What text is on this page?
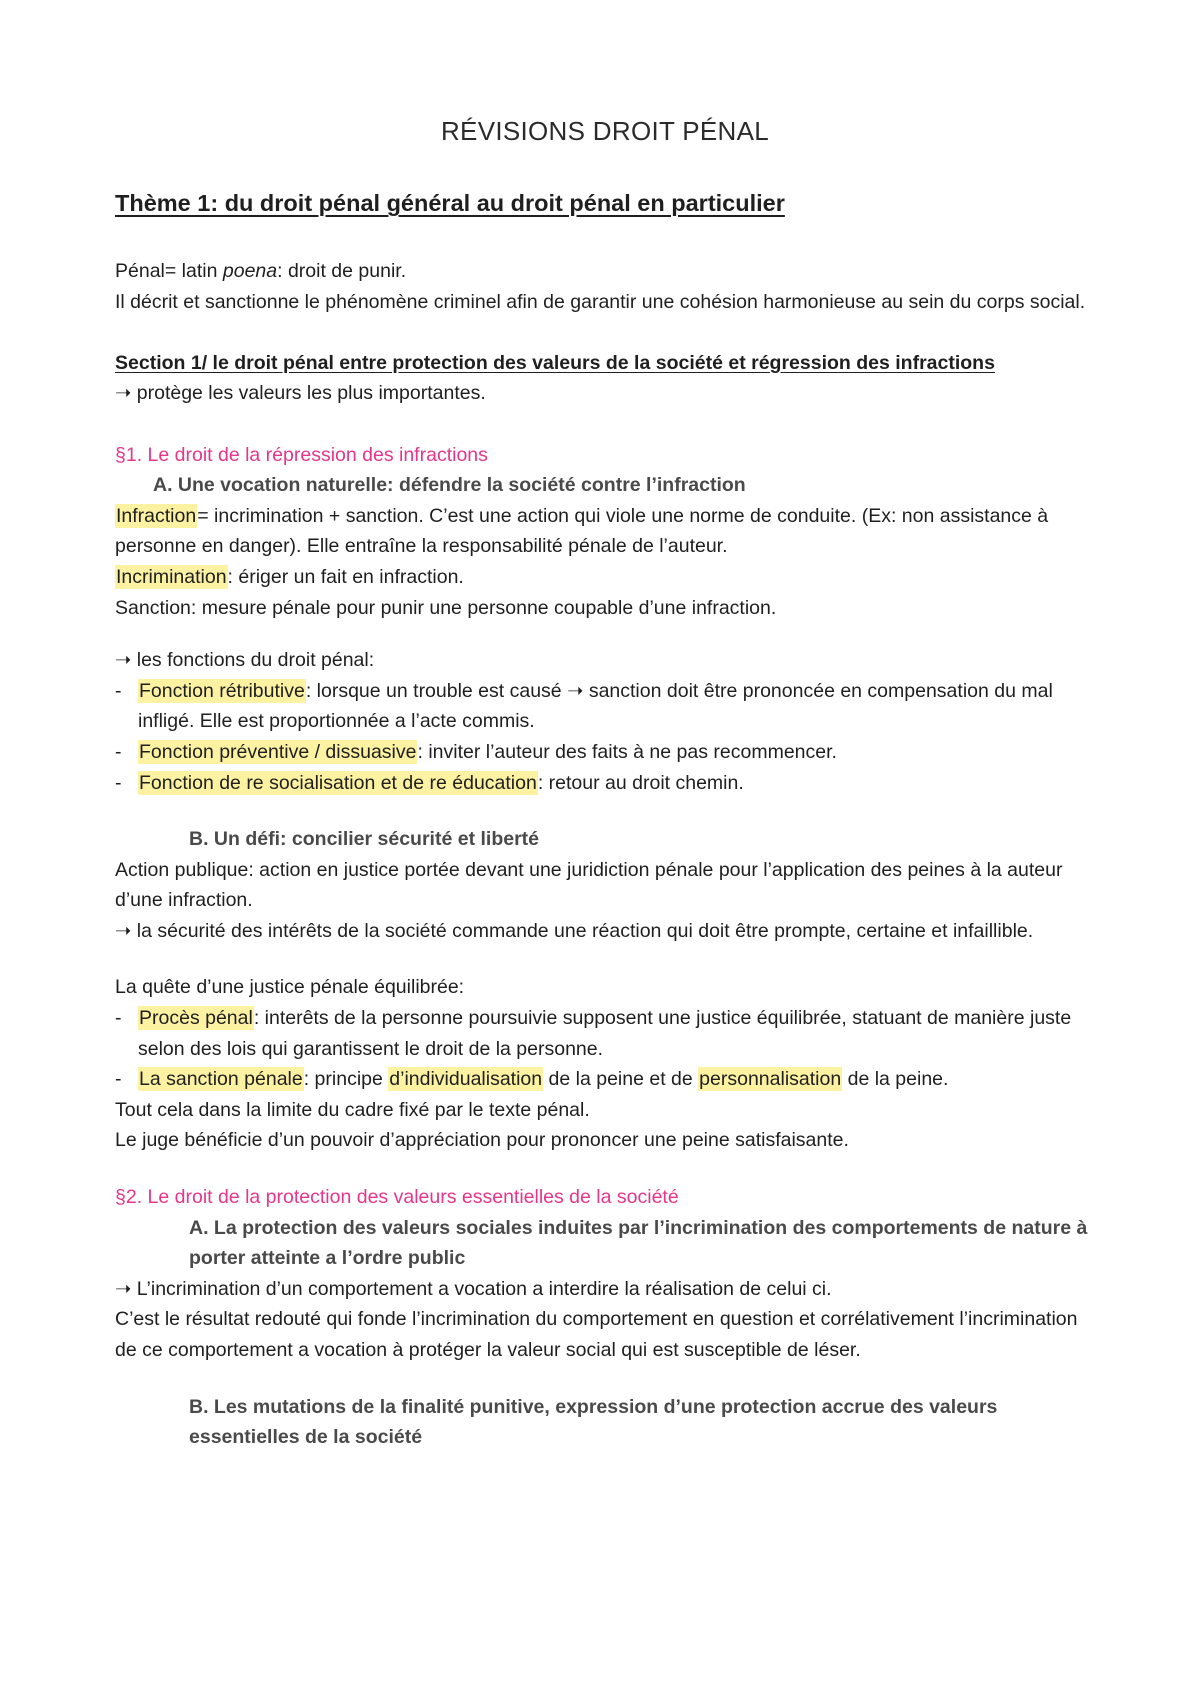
RÉVISIONS DROIT PÉNAL
Thème 1: du droit pénal général au droit pénal en particulier

Pénal= latin poena: droit de punir.

Il décrit et sanctionne le phénomène criminel afin de garantir une cohésion harmonieuse au sein du corps social.

Section 1/ le droit pénal entre protection des valeurs de la société et régression des infractions

➝ protège les valeurs les plus importantes.

§1. Le droit de la répression des infractions

A. Une vocation naturelle: défendre la société contre l’infraction

Infraction= incrimination + sanction. C’est une action qui viole une norme de conduite. (Ex: non assistance à personne en danger). Elle entraîne la responsabilité pénale de l’auteur.

Incrimination: ériger un fait en infraction.

Sanction: mesure pénale pour punir une personne coupable d’une infraction.

➝ les fonctions du droit pénal:

- Fonction rétributive: lorsque un trouble est causé ➝ sanction doit être prononcée en compensation du mal infligé. Elle est proportionnée a l’acte commis.

- Fonction préventive / dissuasive: inviter l’auteur des faits à ne pas recommencer.

- Fonction de re socialisation et de re éducation: retour au droit chemin.

B. Un défi: concilier sécurité et liberté

Action publique: action en justice portée devant une juridiction pénale pour l’application des peines à la auteur d’une infraction.

➝ la sécurité des intérêts de la société commande une réaction qui doit être prompte, certaine et infaillible.

La quête d’une justice pénale équilibrée:

- Procès pénal: interêts de la personne poursuivie supposent une justice équilibrée, statuant de manière juste selon des lois qui garantissent le droit de la personne.

- La sanction pénale: principe d’individualisation de la peine et de personnalisation de la peine.

Tout cela dans la limite du cadre fixé par le texte pénal.

Le juge bénéficie d’un pouvoir d’appréciation pour prononcer une peine satisfaisante.

§2. Le droit de la protection des valeurs essentielles de la société

A. La protection des valeurs sociales induites par l’incrimination des comportements de nature à porter atteinte a l’ordre public

➝ L’incrimination d’un comportement a vocation a interdire la réalisation de celui ci.

C’est le résultat redouté qui fonde l’incrimination du comportement en question et corrélativement l’incrimination de ce comportement a vocation à protéger la valeur social qui est susceptible de léser.

B. Les mutations de la finalité punitive, expression d’une protection accrue des valeurs essentielles de la société
